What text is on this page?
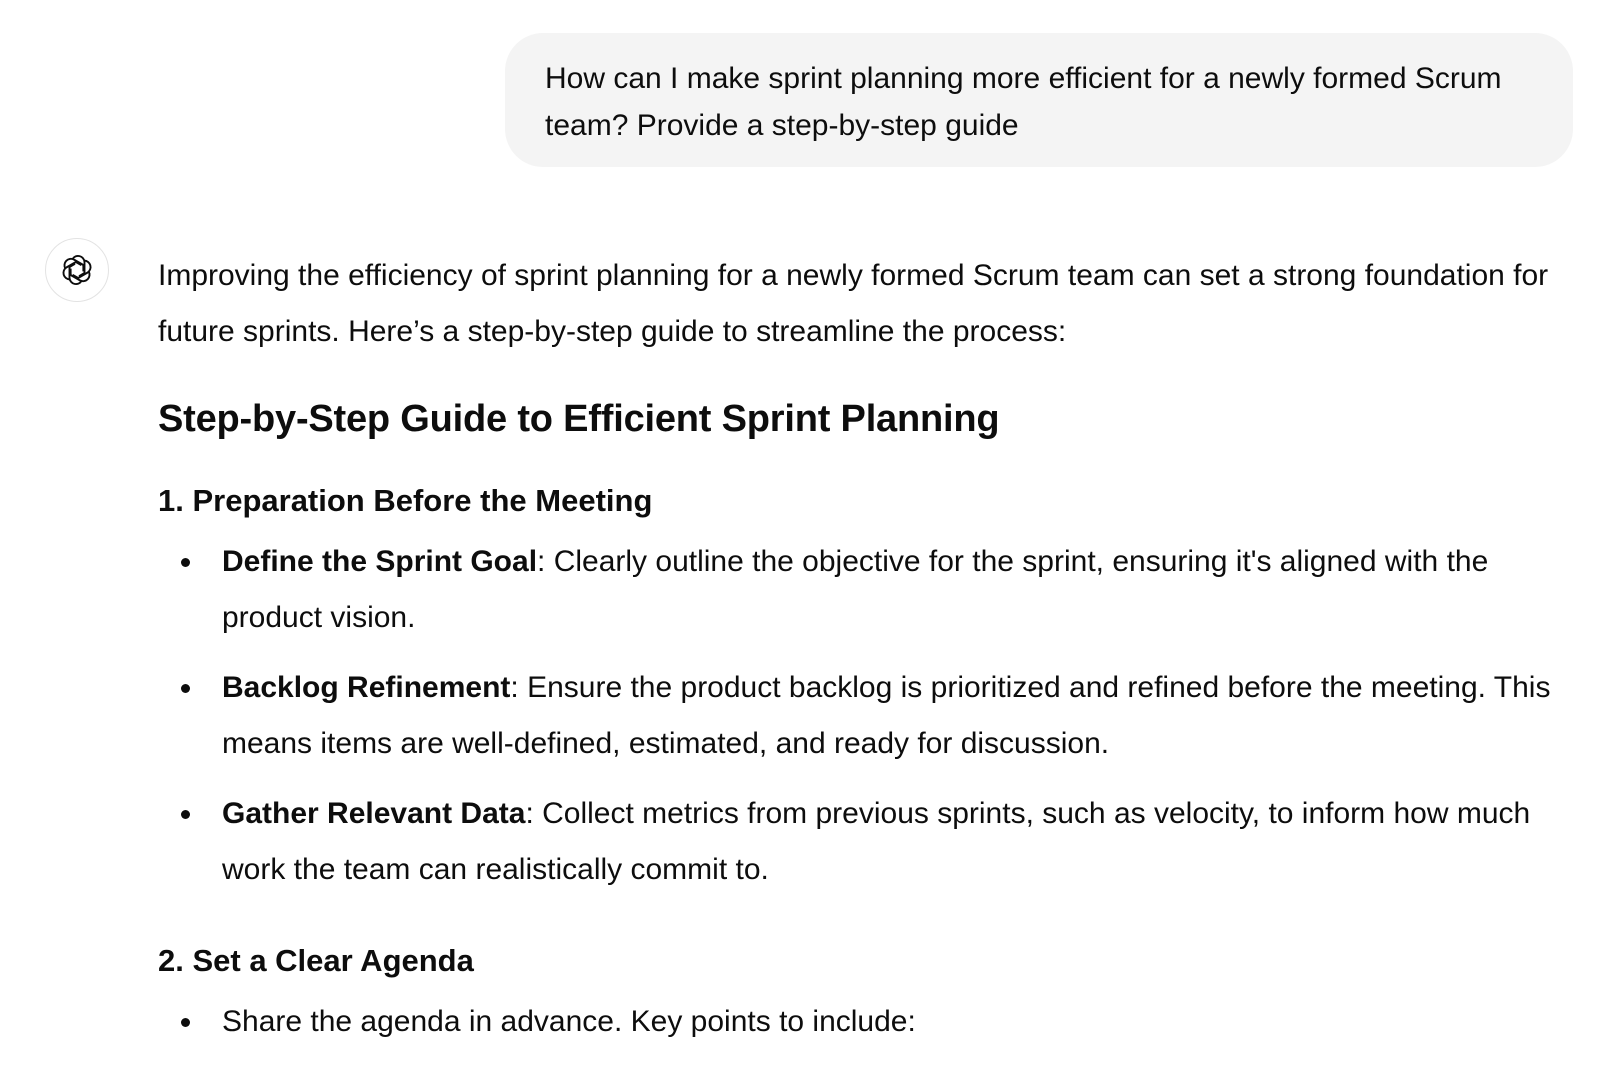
How can I make sprint planning more efficient for a newly formed Scrum team? Provide a step-by-step guide

Improving the efficiency of sprint planning for a newly formed Scrum team can set a strong foundation for future sprints. Here’s a step-by-step guide to streamline the process:

Step-by-Step Guide to Efficient Sprint Planning
1. Preparation Before the Meeting
Define the Sprint Goal: Clearly outline the objective for the sprint, ensuring it's aligned with the product vision.
Backlog Refinement: Ensure the product backlog is prioritized and refined before the meeting. This means items are well-defined, estimated, and ready for discussion.
Gather Relevant Data: Collect metrics from previous sprints, such as velocity, to inform how much work the team can realistically commit to.
2. Set a Clear Agenda
Share the agenda in advance. Key points to include:
